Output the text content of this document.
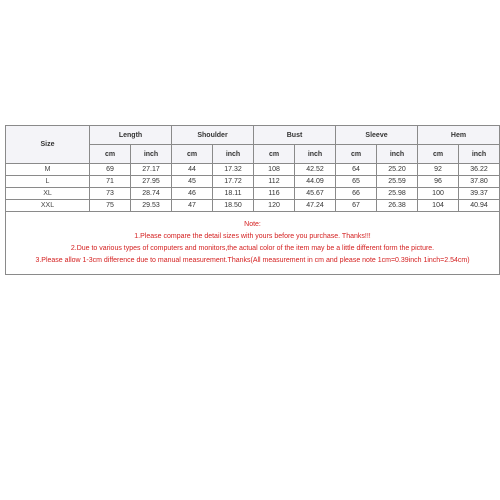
Size	Length		Shoulder		Bust		Sleeve		Hem	
	cm	inch	cm	inch	cm	inch	cm	inch	cm	inch
M	69	27.17	44	17.32	108	42.52	64	25.20	92	36.22
L	71	27.95	45	17.72	112	44.09	65	25.59	96	37.80
XL	73	28.74	46	18.11	116	45.67	66	25.98	100	39.37
XXL	75	29.53	47	18.50	120	47.24	67	26.38	104	40.94

Note:
1.Please compare the detail sizes with yours before you purchase. Thanks!!!
2.Due to various types of computers and monitors,the actual color of the item may be a little different form the picture.
3.Please allow 1-3cm difference due to manual measurement.Thanks(All measurement in cm and please note 1cm=0.39inch 1inch=2.54cm)										
